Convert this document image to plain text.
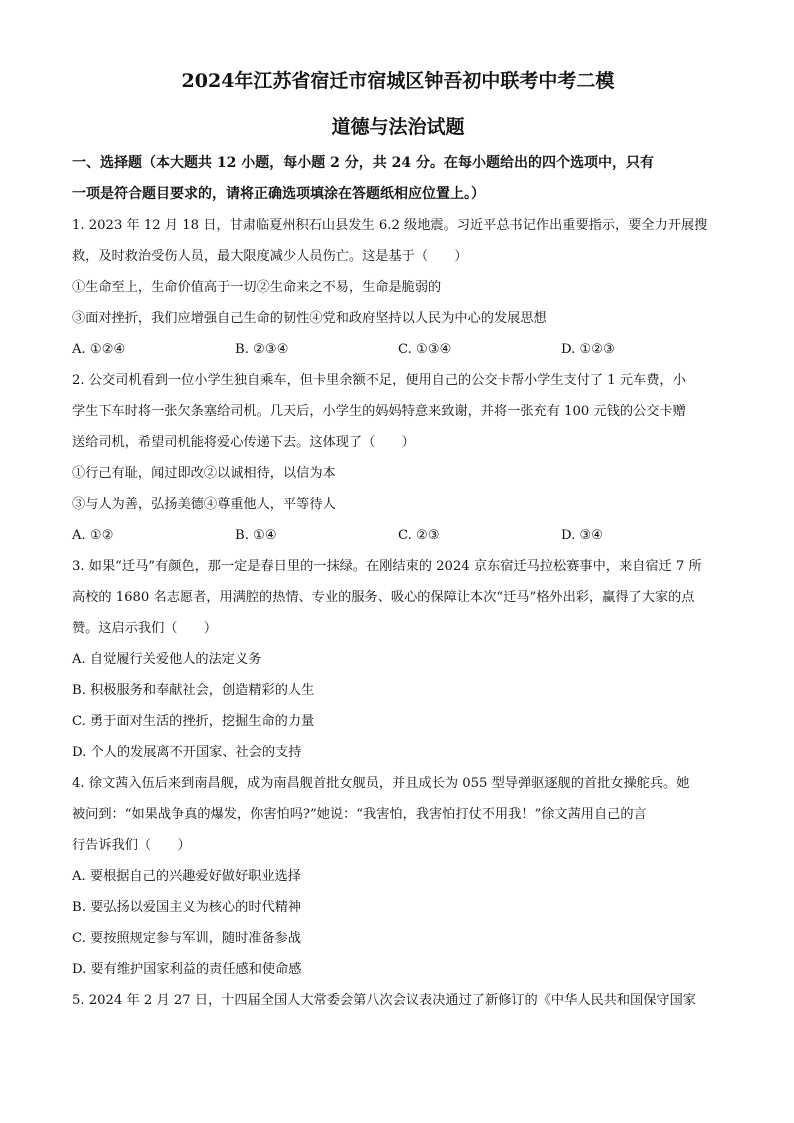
2024年江苏省宿迁市宿城区钟吾初中联考中考二模
道德与法治试题

一、选择题（本大题共 12 小题，每小题 2 分，共 24 分。在每小题给出的四个选项中，只有

一项是符合题目要求的，请将正确选项填涂在答题纸相应位置上。）

1. 2023 年 12 月 18 日，甘肃临夏州积石山县发生 6.2 级地震。习近平总书记作出重要指示，要全力开展搜

救，及时救治受伤人员，最大限度减少人员伤亡。这是基于（　　）

①生命至上，生命价值高于一切②生命来之不易，生命是脆弱的

③面对挫折，我们应增强自己生命的韧性④党和政府坚持以人民为中心的发展思想

A. ①②④	B. ②③④	C. ①③④	D. ①②③

2. 公交司机看到一位小学生独自乘车，但卡里余额不足，便用自己的公交卡帮小学生支付了 1 元车费，小

学生下车时将一张欠条塞给司机。几天后，小学生的妈妈特意来致谢，并将一张充有 100 元钱的公交卡赠

送给司机，希望司机能将爱心传递下去。这体现了（　　）

①行己有耻，闻过即改②以诚相待，以信为本

③与人为善，弘扬美德④尊重他人，平等待人

A. ①②	B. ①④	C. ②③	D. ③④

3. 如果“迁马”有颜色，那一定是春日里的一抹绿。在刚结束的 2024 京东宿迁马拉松赛事中，来自宿迁 7 所

高校的 1680 名志愿者，用满腔的热情、专业的服务、吸心的保障让本次“迁马”格外出彩，赢得了大家的点

赞。这启示我们（　　）

A. 自觉履行关爱他人的法定义务

B. 积极服务和奉献社会，创造精彩的人生

C. 勇于面对生活的挫折，挖掘生命的力量

D. 个人的发展离不开国家、社会的支持

4. 徐文茜入伍后来到南昌舰，成为南昌舰首批女舰员，并且成长为 055 型导弹驱逐舰的首批女操舵兵。她

被问到：“如果战争真的爆发，你害怕吗?”她说：“我害怕，我害怕打仗不用我！”徐文茜用自己的言

行告诉我们（　　）

A. 要根据自己的兴趣爱好做好职业选择

B. 要弘扬以爱国主义为核心的时代精神

C. 要按照规定参与军训，随时准备参战

D. 要有维护国家利益的责任感和使命感

5. 2024 年 2 月 27 日，十四届全国人大常委会第八次会议表决通过了新修订的《中华人民共和国保守国家
